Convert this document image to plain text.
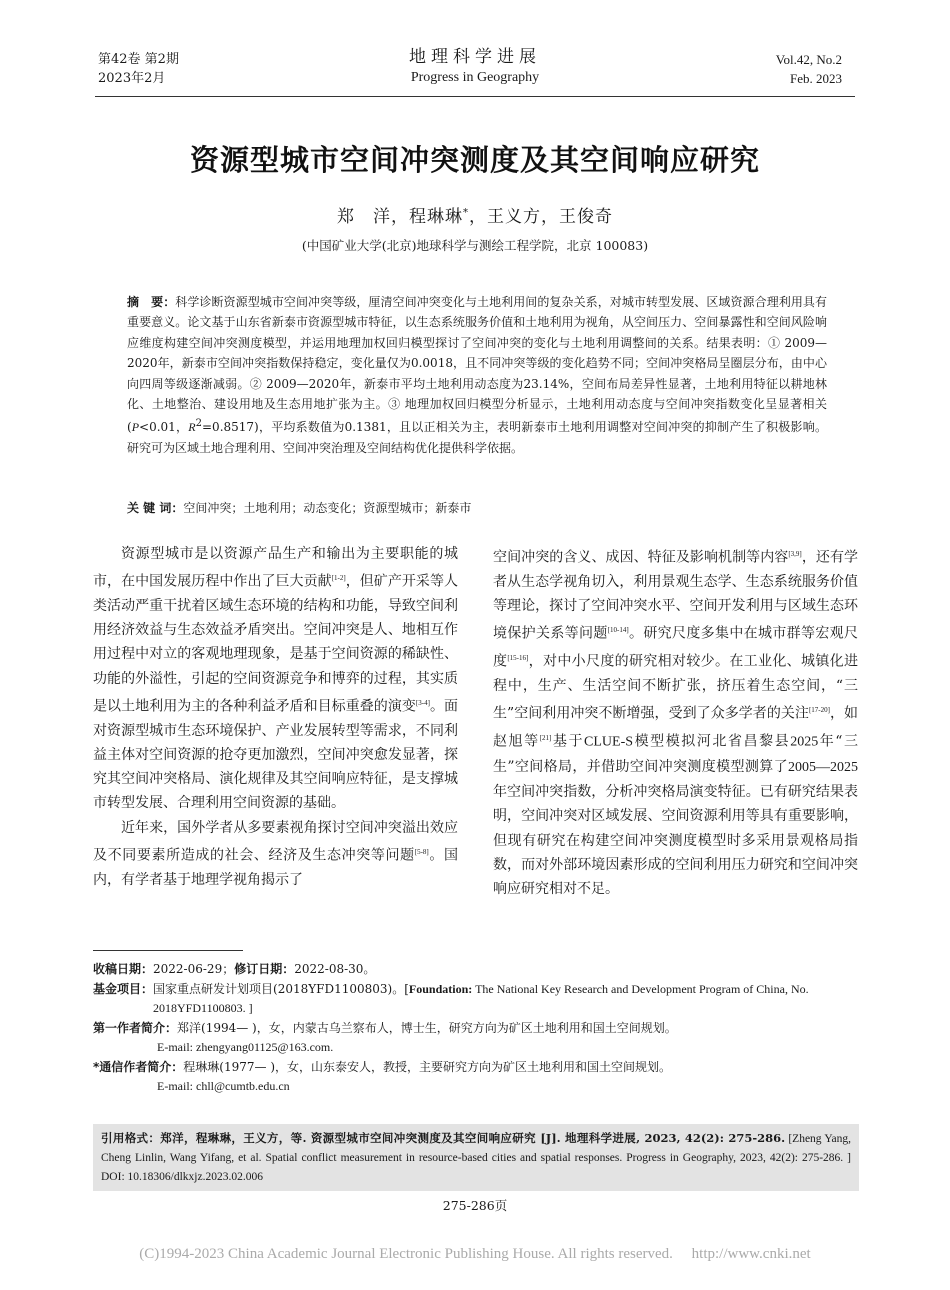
第42卷 第2期
2023年2月
地理科学进展
Progress in Geography
Vol.42, No.2
Feb. 2023
资源型城市空间冲突测度及其空间响应研究
郑　洋，程琳琳*，王义方，王俊奇
(中国矿业大学(北京)地球科学与测绘工程学院，北京 100083)
摘　要：科学诊断资源型城市空间冲突等级，厘清空间冲突变化与土地利用间的复杂关系，对城市转型发展、区域资源合理利用具有重要意义。论文基于山东省新泰市资源型城市特征，以生态系统服务价值和土地利用为视角，从空间压力、空间暴露性和空间风险响应维度构建空间冲突测度模型，并运用地理加权回归模型探讨了空间冲突的变化与土地利用调整间的关系。结果表明：① 2009—2020年，新泰市空间冲突指数保持稳定，变化量仅为0.0018，且不同冲突等级的变化趋势不同；空间冲突格局呈圈层分布，由中心向四周等级逐渐减弱。② 2009—2020年，新泰市平均土地利用动态度为23.14%，空间布局差异性显著，土地利用特征以耕地林化、土地整治、建设用地及生态用地扩张为主。③ 地理加权回归模型分析显示，土地利用动态度与空间冲突指数变化呈显著相关(P<0.01，$R^2=0.8517$)，平均系数值为0.1381，且以正相关为主，表明新泰市土地利用调整对空间冲突的抑制产生了积极影响。研究可为区域土地合理利用、空间冲突治理及空间结构优化提供科学依据。
关 键 词：空间冲突；土地利用；动态变化；资源型城市；新泰市

资源型城市是以资源产品生产和输出为主要职能的城市，在中国发展历程中作出了巨大贡献[1-2]，但矿产开采等人类活动严重干扰着区域生态环境的结构和功能，导致空间利用经济效益与生态效益矛盾突出。空间冲突是人、地相互作用过程中对立的客观地理现象，是基于空间资源的稀缺性、功能的外溢性，引起的空间资源竞争和博弈的过程，其实质是以土地利用为主的各种利益矛盾和目标重叠的演变[3-4]。面对资源型城市生态环境保护、产业发展转型等需求，不同利益主体对空间资源的抢夺更加激烈，空间冲突愈发显著，探究其空间冲突格局、演化规律及其空间响应特征，是支撑城市转型发展、合理利用空间资源的基础。

近年来，国外学者从多要素视角探讨空间冲突溢出效应及不同要素所造成的社会、经济及生态冲突等问题[5-8]。国内，有学者基于地理学视角揭示了

空间冲突的含义、成因、特征及影响机制等内容[3,9]，还有学者从生态学视角切入，利用景观生态学、生态系统服务价值等理论，探讨了空间冲突水平、空间开发利用与区域生态环境保护关系等问题[10-14]。研究尺度多集中在城市群等宏观尺度[15-16]，对中小尺度的研究相对较少。在工业化、城镇化进程中，生产、生活空间不断扩张，挤压着生态空间，“三生”空间利用冲突不断增强，受到了众多学者的关注[17-20]，如赵旭等[21]基于CLUE-S模型模拟河北省昌黎县2025年“三生”空间格局，并借助空间冲突测度模型测算了2005—2025年空间冲突指数，分析冲突格局演变特征。已有研究结果表明，空间冲突对区域发展、空间资源利用等具有重要影响，但现有研究在构建空间冲突测度模型时多采用景观格局指数，而对外部环境因素形成的空间利用压力研究和空间冲突响应研究相对不足。

收稿日期： 2022-06-29； 修订日期： 2022-08-30。
基金项目： 国家重点研发计划项目(2018YFD1100803)。[Foundation: The National Key Research and Development Program of China, No. 2018YFD1100803. ]
第一作者简介： 郑洋(1994— )，女，内蒙古乌兰察布人，博士生，研究方向为矿区土地利用和国土空间规划。
E-mail: zhengyang01125@163.com.
* 通信作者简介： 程琳琳(1977— )，女，山东泰安人，教授，主要研究方向为矿区土地利用和国土空间规划。
E-mail: chll@cumtb.edu.cn
引用格式：郑洋，程琳琳，王义方，等. 资源型城市空间冲突测度及其空间响应研究 [J]. 地理科学进展, 2023, 42(2): 275-286. [Zheng Yang, Cheng Linlin, Wang Yifang, et al. Spatial conflict measurement in resource-based cities and spatial responses. Progress in Geography, 2023, 42(2): 275-286. ]　DOI: 10.18306/dlkxjz.2023.02.006
275-286页
(C)1994-2023 China Academic Journal Electronic Publishing House. All rights reserved.　 http://www.cnki.net
